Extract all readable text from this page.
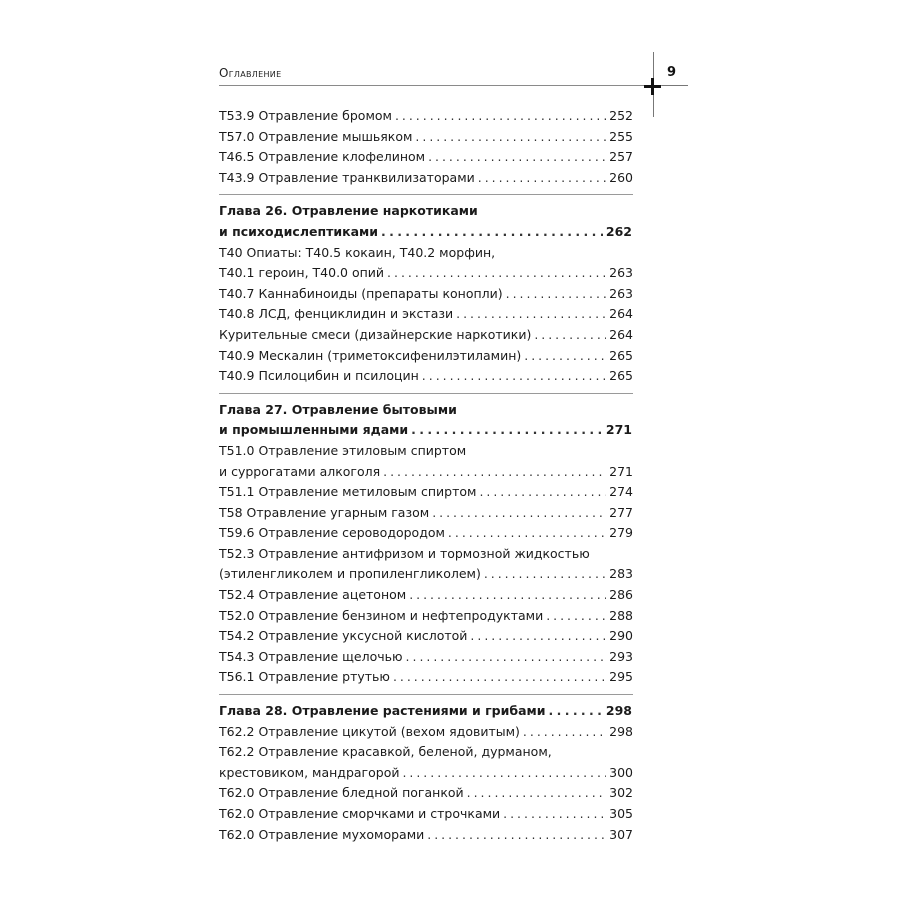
Оглавление	9
T53.9 Отравление бромом . . .	252
T57.0 Отравление мышьяком . . .	255
T46.5 Отравление клофелином . . .	257
T43.9 Отравление транквилизаторами . . .	260
Глава 26. Отравление наркотиками
и психодислептиками . . .	262
T40 Опиаты: T40.5 кокаин, T40.2 морфин,
T40.1 героин, T40.0 опий . . .	263
T40.7 Каннабиноиды (препараты конопли) . . .	263
T40.8 ЛСД, фенциклидин и экстази . . .	264
Курительные смеси (дизайнерские наркотики) . . .	264
T40.9 Мескалин (триметоксифенилэтиламин) . . .	265
T40.9 Псилоцибин и псилоцин . . .	265
Глава 27. Отравление бытовыми
и промышленными ядами . . .	271
T51.0 Отравление этиловым спиртом
и суррогатами алкоголя . . .	271
T51.1 Отравление метиловым спиртом . . .	274
T58 Отравление угарным газом . . .	277
T59.6 Отравление сероводородом . . .	279
T52.3 Отравление антифризом и тормозной жидкостью
(этиленгликолем и пропиленгликолем) . . .	283
T52.4 Отравление ацетоном . . .	286
T52.0 Отравление бензином и нефтепродуктами . . .	288
T54.2 Отравление уксусной кислотой . . .	290
T54.3 Отравление щелочью . . .	293
T56.1 Отравление ртутью . . .	295
Глава 28. Отравление растениями и грибами . . .	298
T62.2 Отравление цикутой (вехом ядовитым) . . .	298
T62.2 Отравление красавкой, беленой, дурманом,
крестовиком, мандрагорой . . .	300
T62.0 Отравление бледной поганкой . . .	302
T62.0 Отравление сморчками и строчками . . .	305
T62.0 Отравление мухоморами . . .	307
